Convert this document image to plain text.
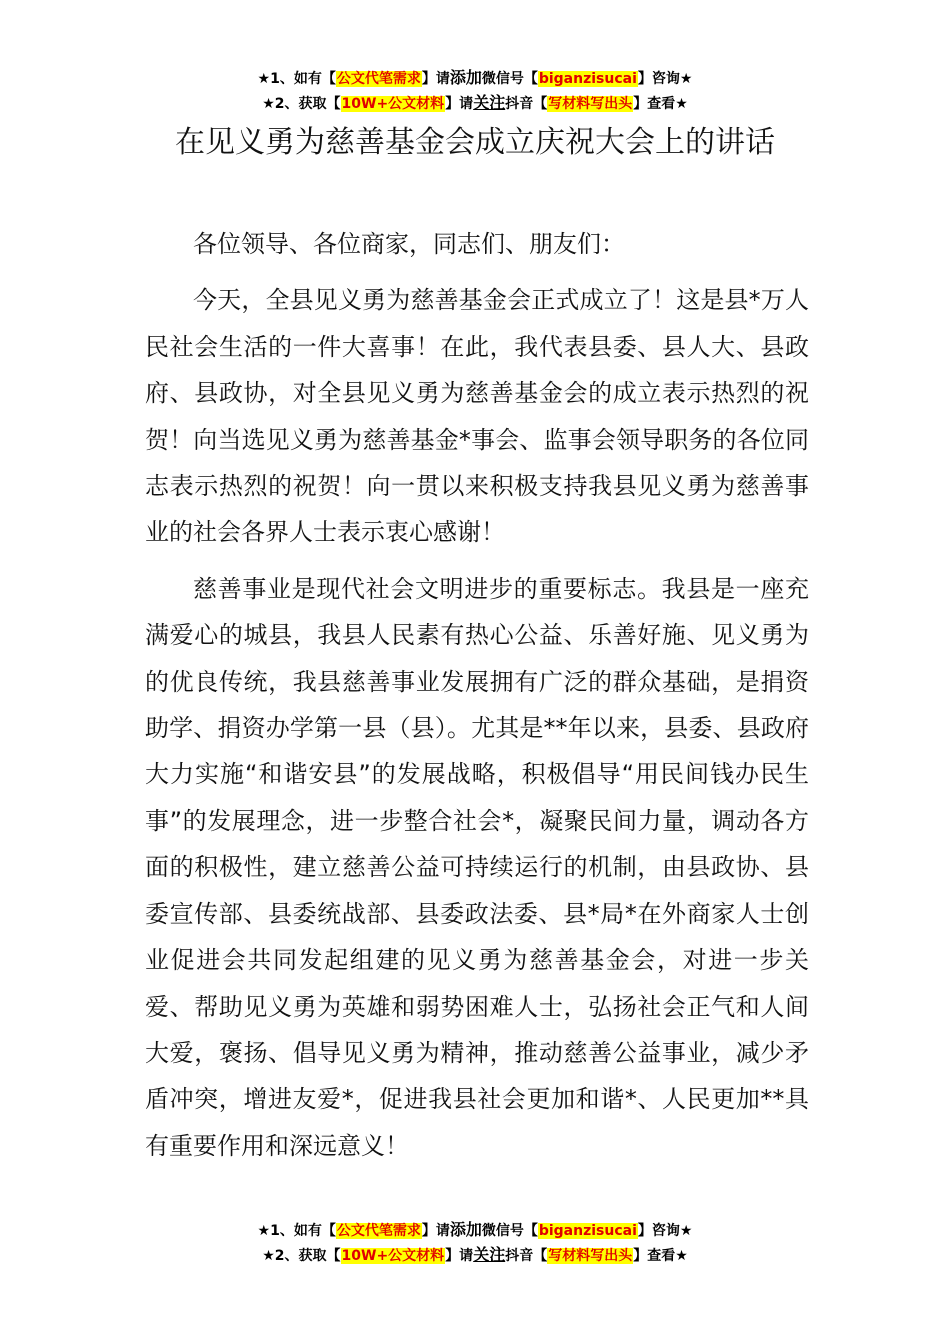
★1、如有【公文代笔需求】请添加微信号【biganzisucai】咨询★
★2、获取【10W+公文材料】请关注抖音【写材料写出头】查看★
在见义勇为慈善基金会成立庆祝大会上的讲话

各位领导、各位商家，同志们、朋友们：

今天，全县见义勇为慈善基金会正式成立了！这是县*万人民社会生活的一件大喜事！在此，我代表县委、县人大、县政府、县政协，对全县见义勇为慈善基金会的成立表示热烈的祝贺！向当选见义勇为慈善基金*事会、监事会领导职务的各位同志表示热烈的祝贺！向一贯以来积极支持我县见义勇为慈善事业的社会各界人士表示衷心感谢！

慈善事业是现代社会文明进步的重要标志。我县是一座充满爱心的城县，我县人民素有热心公益、乐善好施、见义勇为的优良传统，我县慈善事业发展拥有广泛的群众基础，是捐资助学、捐资办学第一县（县）。尤其是**年以来，县委、县政府大力实施“和谐安县”的发展战略，积极倡导“用民间钱办民生事”的发展理念，进一步整合社会*，凝聚民间力量，调动各方面的积极性，建立慈善公益可持续运行的机制，由县政协、县委宣传部、县委统战部、县委政法委、县*局*在外商家人士创业促进会共同发起组建的见义勇为慈善基金会，对进一步关爱、帮助见义勇为英雄和弱势困难人士，弘扬社会正气和人间大爱，褒扬、倡导见义勇为精神，推动慈善公益事业，减少矛盾冲突，增进友爱*，促进我县社会更加和谐*、人民更加**具有重要作用和深远意义！

★1、如有【公文代笔需求】请添加微信号【biganzisucai】咨询★
★2、获取【10W+公文材料】请关注抖音【写材料写出头】查看★
